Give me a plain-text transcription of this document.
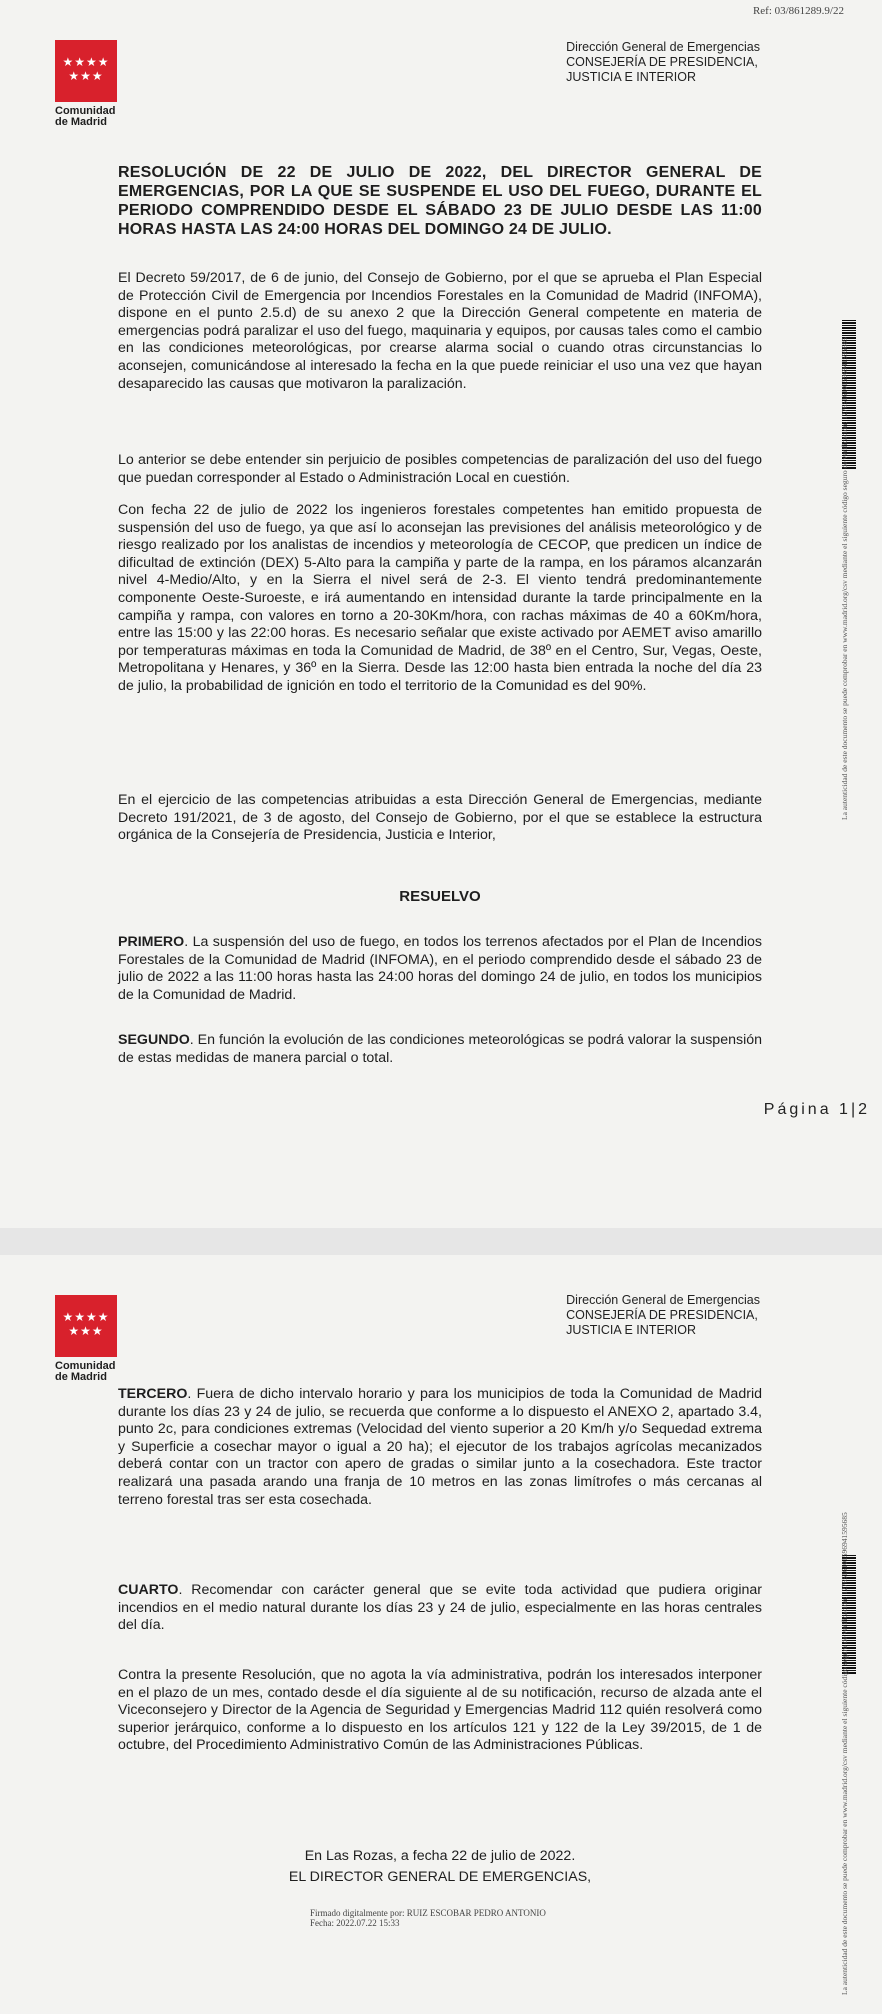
Ref: 03/861289.9/22
★★★★
★★★
Comunidad
de Madrid
Dirección General de Emergencias
CONSEJERÍA DE PRESIDENCIA,
JUSTICIA E INTERIOR
RESOLUCIÓN DE 22 DE JULIO DE 2022, DEL DIRECTOR GENERAL DE EMERGENCIAS, POR LA QUE SE SUSPENDE EL USO DEL FUEGO, DURANTE EL PERIODO COMPRENDIDO DESDE EL SÁBADO 23 DE JULIO DESDE LAS 11:00 HORAS HASTA LAS 24:00 HORAS DEL DOMINGO 24 DE JULIO.
El Decreto 59/2017, de 6 de junio, del Consejo de Gobierno, por el que se aprueba el Plan Especial de Protección Civil de Emergencia por Incendios Forestales en la Comunidad de Madrid (INFOMA), dispone en el punto 2.5.d) de su anexo 2 que la Dirección General competente en materia de emergencias podrá paralizar el uso del fuego, maquinaria y equipos, por causas tales como el cambio en las condiciones meteorológicas, por crearse alarma social o cuando otras circunstancias lo aconsejen, comunicándose al interesado la fecha en la que puede reiniciar el uso una vez que hayan desaparecido las causas que motivaron la paralización.
Lo anterior se debe entender sin perjuicio de posibles competencias de paralización del uso del fuego que puedan corresponder al Estado o Administración Local en cuestión.
Con fecha 22 de julio de 2022 los ingenieros forestales competentes han emitido propuesta de suspensión del uso de fuego, ya que así lo aconsejan las previsiones del análisis meteorológico y de riesgo realizado por los analistas de incendios y meteorología de CECOP, que predicen un índice de dificultad de extinción (DEX) 5-Alto para la campiña y parte de la rampa, en los páramos alcanzarán nivel 4-Medio/Alto, y en la Sierra el nivel será de 2-3. El viento tendrá predominantemente componente Oeste-Suroeste, e irá aumentando en intensidad durante la tarde principalmente en la campiña y rampa, con valores en torno a 20-30Km/hora, con rachas máximas de 40 a 60Km/hora, entre las 15:00 y las 22:00 horas. Es necesario señalar que existe activado por AEMET aviso amarillo por temperaturas máximas en toda la Comunidad de Madrid, de 38º en el Centro, Sur, Vegas, Oeste, Metropolitana y Henares, y 36º en la Sierra. Desde las 12:00 hasta bien entrada la noche del día 23 de julio, la probabilidad de ignición en todo el territorio de la Comunidad es del 90%.
En el ejercicio de las competencias atribuidas a esta Dirección General de Emergencias, mediante Decreto 191/2021, de 3 de agosto, del Consejo de Gobierno, por el que se establece la estructura orgánica de la Consejería de Presidencia, Justicia e Interior,
RESUELVO
PRIMERO. La suspensión del uso de fuego, en todos los terrenos afectados por el Plan de Incendios Forestales de la Comunidad de Madrid (INFOMA), en el periodo comprendido desde el sábado 23 de julio de 2022 a las 11:00 horas hasta las 24:00 horas del domingo 24 de julio, en todos los municipios de la Comunidad de Madrid.
SEGUNDO. En función la evolución de las condiciones meteorológicas se podrá valorar la suspensión de estas medidas de manera parcial o total.
Página 1|2
La autenticidad de este documento se puede comprobar en www.madrid.org/csv mediante el siguiente código seguro de verificación: 1276516101596941595685
★★★★
★★★
Comunidad
de Madrid
Dirección General de Emergencias
CONSEJERÍA DE PRESIDENCIA,
JUSTICIA E INTERIOR
TERCERO. Fuera de dicho intervalo horario y para los municipios de toda la Comunidad de Madrid durante los días 23 y 24 de julio, se recuerda que conforme a lo dispuesto el ANEXO 2, apartado 3.4, punto 2c, para condiciones extremas (Velocidad del viento superior a 20 Km/h y/o Sequedad extrema y Superficie a cosechar mayor o igual a 20 ha); el ejecutor de los trabajos agrícolas mecanizados deberá contar con un tractor con apero de gradas o similar junto a la cosechadora. Este tractor realizará una pasada arando una franja de 10 metros en las zonas limítrofes o más cercanas al terreno forestal tras ser esta cosechada.
CUARTO. Recomendar con carácter general que se evite toda actividad que pudiera originar incendios en el medio natural durante los días 23 y 24 de julio, especialmente en las horas centrales del día.
Contra la presente Resolución, que no agota la vía administrativa, podrán los interesados interponer en el plazo de un mes, contado desde el día siguiente al de su notificación, recurso de alzada ante el Viceconsejero y Director de la Agencia de Seguridad y Emergencias Madrid 112 quién resolverá como superior jerárquico, conforme a lo dispuesto en los artículos 121 y 122 de la Ley 39/2015, de 1 de octubre, del Procedimiento Administrativo Común de las Administraciones Públicas.
En Las Rozas, a fecha 22 de julio de 2022.
EL DIRECTOR GENERAL DE EMERGENCIAS,
Firmado digitalmente por: RUIZ ESCOBAR PEDRO ANTONIO
Fecha: 2022.07.22 15:33	La autenticidad de este documento se puede comprobar en www.madrid.org/csv mediante el siguiente código seguro de verificación: 1276516101596941595685
